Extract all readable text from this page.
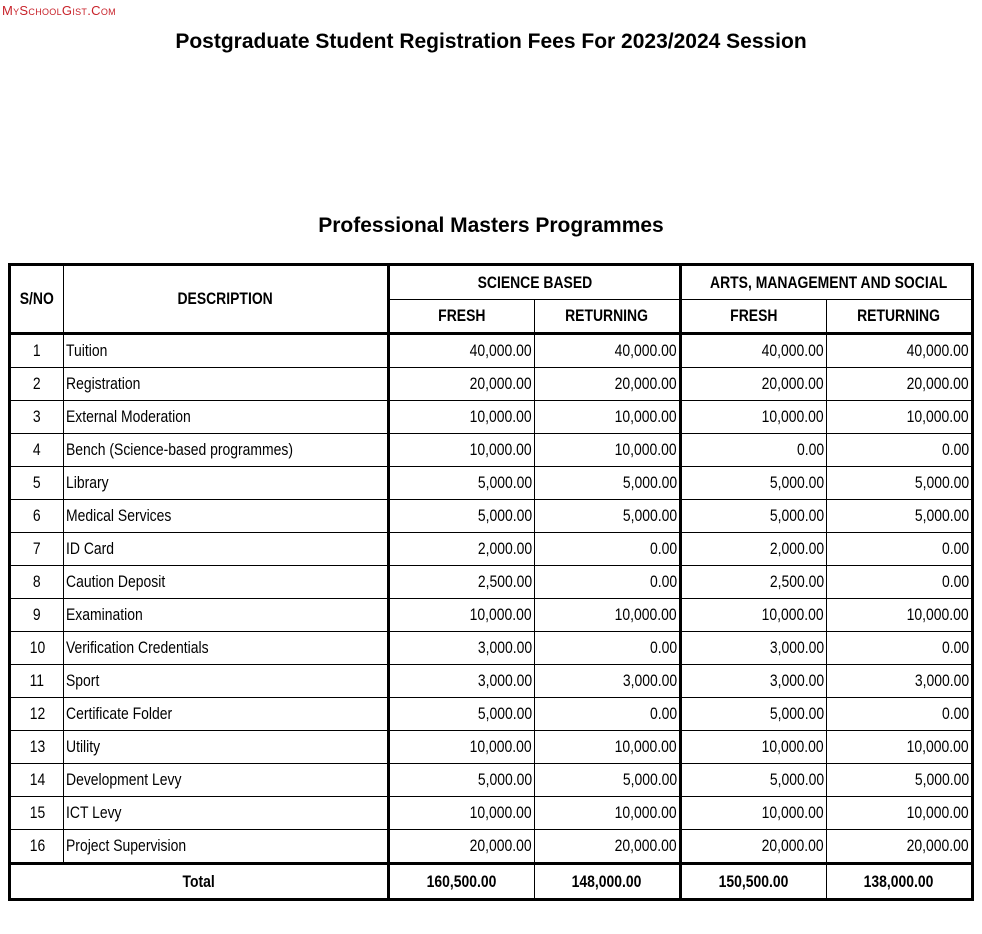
MySchoolGist.Com
Postgraduate Student Registration Fees For 2023/2024 Session
Professional Masters Programmes
S/NO	DESCRIPTION	SCIENCE BASED		ARTS, MANAGEMENT AND SOCIAL	
		FRESH	RETURNING	FRESH	RETURNING
1	Tuition	40,000.00	40,000.00	40,000.00	40,000.00
2	Registration	20,000.00	20,000.00	20,000.00	20,000.00
3	External Moderation	10,000.00	10,000.00	10,000.00	10,000.00
4	Bench (Science-based programmes)	10,000.00	10,000.00	0.00	0.00
5	Library	5,000.00	5,000.00	5,000.00	5,000.00
6	Medical Services	5,000.00	5,000.00	5,000.00	5,000.00
7	ID Card	2,000.00	0.00	2,000.00	0.00
8	Caution Deposit	2,500.00	0.00	2,500.00	0.00
9	Examination	10,000.00	10,000.00	10,000.00	10,000.00
10	Verification Credentials	3,000.00	0.00	3,000.00	0.00
11	Sport	3,000.00	3,000.00	3,000.00	3,000.00
12	Certificate Folder	5,000.00	0.00	5,000.00	0.00
13	Utility	10,000.00	10,000.00	10,000.00	10,000.00
14	Development Levy	5,000.00	5,000.00	5,000.00	5,000.00
15	ICT Levy	10,000.00	10,000.00	10,000.00	10,000.00
16	Project Supervision	20,000.00	20,000.00	20,000.00	20,000.00
Total		160,500.00	148,000.00	150,500.00	138,000.00
